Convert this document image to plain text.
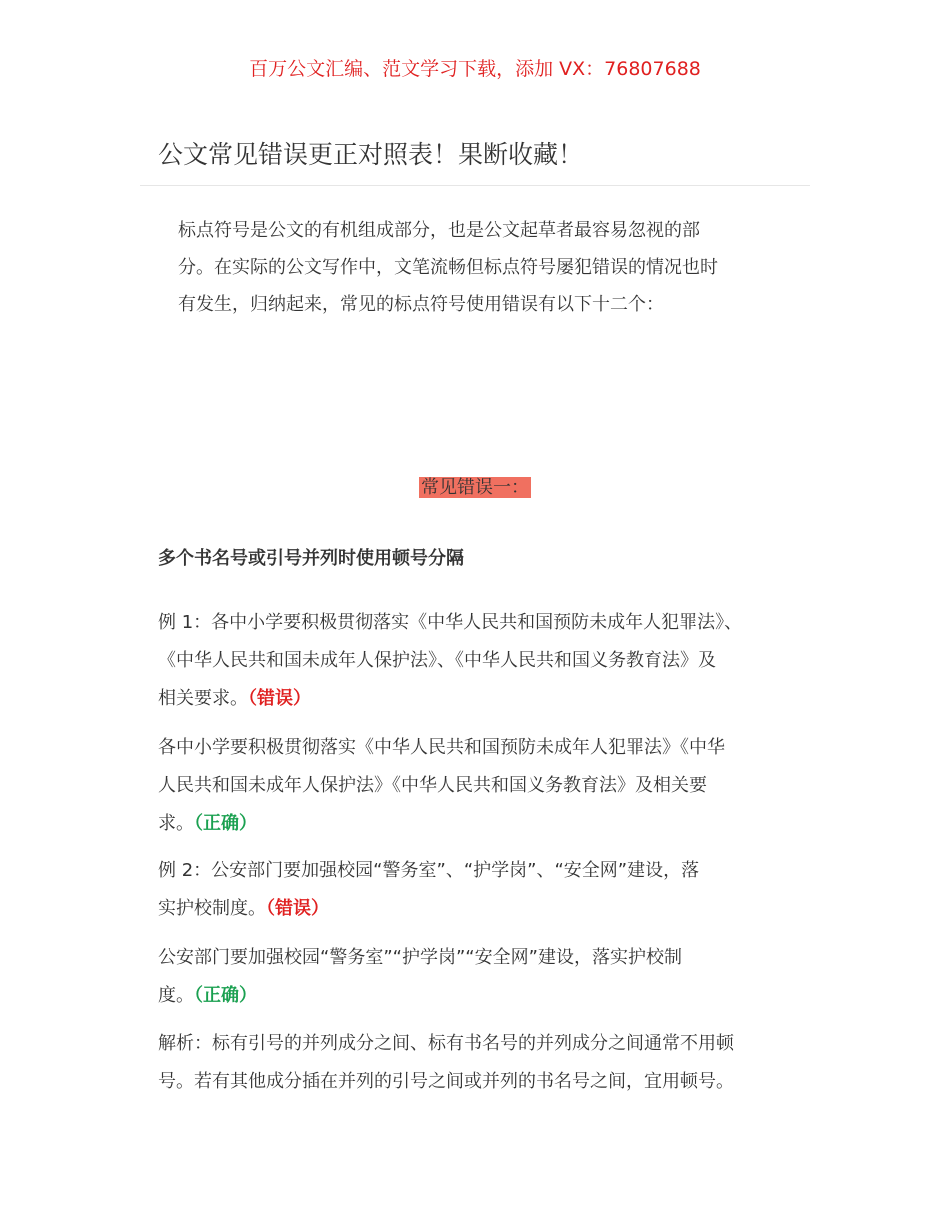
百万公文汇编、范文学习下载，添加 VX：76807688
公文常见错误更正对照表！果断收藏！
标点符号是公文的有机组成部分，也是公文起草者最容易忽视的部
分。在实际的公文写作中，文笔流畅但标点符号屡犯错误的情况也时
有发生，归纳起来，常见的标点符号使用错误有以下十二个：
常见错误一：
多个书名号或引号并列时使用顿号分隔
例 1：各中小学要积极贯彻落实《中华人民共和国预防未成年人犯罪法》、
《中华人民共和国未成年人保护法》、《中华人民共和国义务教育法》及
相关要求。（错误）
各中小学要积极贯彻落实《中华人民共和国预防未成年人犯罪法》《中华
人民共和国未成年人保护法》《中华人民共和国义务教育法》及相关要
求。（正确）
例 2：公安部门要加强校园“警务室”、“护学岗”、“安全网”建设，落
实护校制度。（错误）
公安部门要加强校园“警务室”“护学岗”“安全网”建设，落实护校制
度。（正确）
解析：标有引号的并列成分之间、标有书名号的并列成分之间通常不用顿
号。若有其他成分插在并列的引号之间或并列的书名号之间，宜用顿号。
